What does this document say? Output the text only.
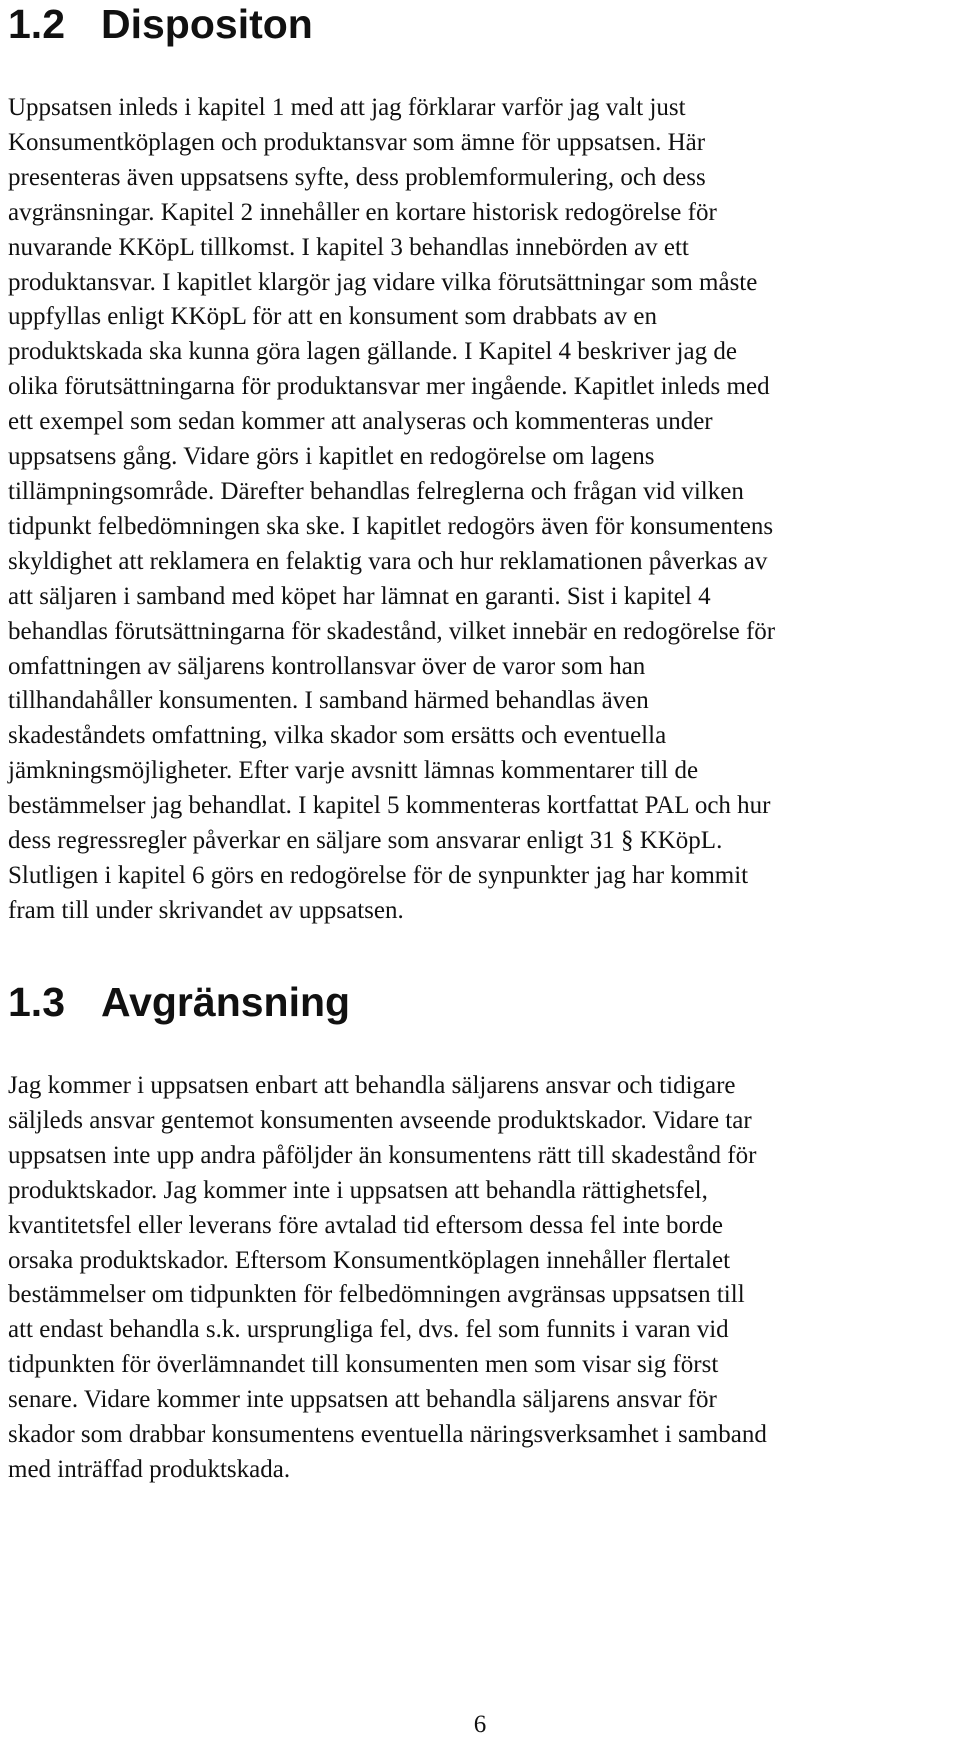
1.2 Dispositon

Uppsatsen inleds i kapitel 1 med att jag förklarar varför jag valt just
Konsumentköplagen och produktansvar som ämne för uppsatsen. Här
presenteras även uppsatsens syfte, dess problemformulering, och dess
avgränsningar. Kapitel 2 innehåller en kortare historisk redogörelse för
nuvarande KKöpL tillkomst. I kapitel 3 behandlas innebörden av ett
produktansvar. I kapitlet klargör jag vidare vilka förutsättningar som måste
uppfyllas enligt KKöpL för att en konsument som drabbats av en
produktskada ska kunna göra lagen gällande. I Kapitel 4 beskriver jag de
olika förutsättningarna för produktansvar mer ingående. Kapitlet inleds med
ett exempel som sedan kommer att analyseras och kommenteras under
uppsatsens gång. Vidare görs i kapitlet en redogörelse om lagens
tillämpningsområde. Därefter behandlas felreglerna och frågan vid vilken
tidpunkt felbedömningen ska ske. I kapitlet redogörs även för konsumentens
skyldighet att reklamera en felaktig vara och hur reklamationen påverkas av
att säljaren i samband med köpet har lämnat en garanti. Sist i kapitel 4
behandlas förutsättningarna för skadestånd, vilket innebär en redogörelse för
omfattningen av säljarens kontrollansvar över de varor som han
tillhandahåller konsumenten. I samband härmed behandlas även
skadeståndets omfattning, vilka skador som ersätts och eventuella
jämkningsmöjligheter. Efter varje avsnitt lämnas kommentarer till de
bestämmelser jag behandlat. I kapitel 5 kommenteras kortfattat PAL och hur
dess regressregler påverkar en säljare som ansvarar enligt 31 § KKöpL.
Slutligen i kapitel 6 görs en redogörelse för de synpunkter jag har kommit
fram till under skrivandet av uppsatsen.

1.3 Avgränsning

Jag kommer i uppsatsen enbart att behandla säljarens ansvar och tidigare
säljleds ansvar gentemot konsumenten avseende produktskador. Vidare tar
uppsatsen inte upp andra påföljder än konsumentens rätt till skadestånd för
produktskador. Jag kommer inte i uppsatsen att behandla rättighetsfel,
kvantitetsfel eller leverans före avtalad tid eftersom dessa fel inte borde
orsaka produktskador. Eftersom Konsumentköplagen innehåller flertalet
bestämmelser om tidpunkten för felbedömningen avgränsas uppsatsen till
att endast behandla s.k. ursprungliga fel, dvs. fel som funnits i varan vid
tidpunkten för överlämnandet till konsumenten men som visar sig först
senare. Vidare kommer inte uppsatsen att behandla säljarens ansvar för
skador som drabbar konsumentens eventuella näringsverksamhet i samband
med inträffad produktskada.

6
